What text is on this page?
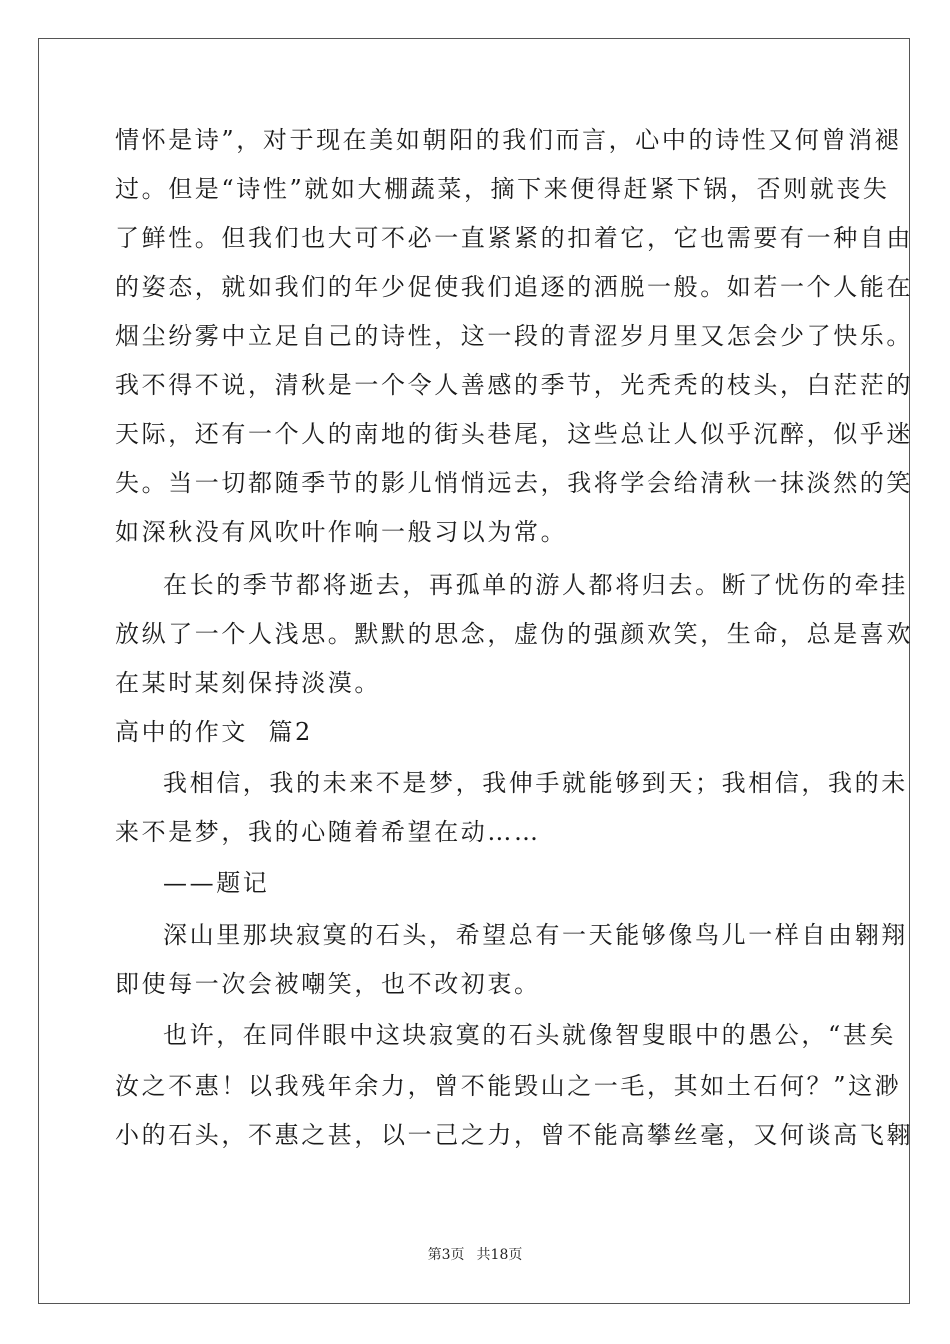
情怀是诗”，对于现在美如朝阳的我们而言，心中的诗性又何曾消褪
过。但是“诗性”就如大棚蔬菜，摘下来便得赶紧下锅，否则就丧失
了鲜性。但我们也大可不必一直紧紧的扣着它，它也需要有一种自由
的姿态，就如我们的年少促使我们追逐的洒脱一般。如若一个人能在
烟尘纷雾中立足自己的诗性，这一段的青涩岁月里又怎会少了快乐。
我不得不说，清秋是一个令人善感的季节，光秃秃的枝头，白茫茫的
天际，还有一个人的南地的街头巷尾，这些总让人似乎沉醉，似乎迷
失。当一切都随季节的影儿悄悄远去，我将学会给清秋一抹淡然的笑
如深秋没有风吹叶作响一般习以为常。
在长的季节都将逝去，再孤单的游人都将归去。断了忧伤的牵挂
放纵了一个人浅思。默默的思念，虚伪的强颜欢笑，生命，总是喜欢
在某时某刻保持淡漠。
高中的作文  篇2
我相信，我的未来不是梦，我伸手就能够到天；我相信，我的未
来不是梦，我的心随着希望在动……
——题记
深山里那块寂寞的石头，希望总有一天能够像鸟儿一样自由翱翔
即使每一次会被嘲笑，也不改初衷。
也许，在同伴眼中这块寂寞的石头就像智叟眼中的愚公，“甚矣
汝之不惠！以我残年余力，曾不能毁山之一毛，其如土石何？”这渺
小的石头，不惠之甚，以一己之力，曾不能高攀丝毫，又何谈高飞翱
第3页 共18页
